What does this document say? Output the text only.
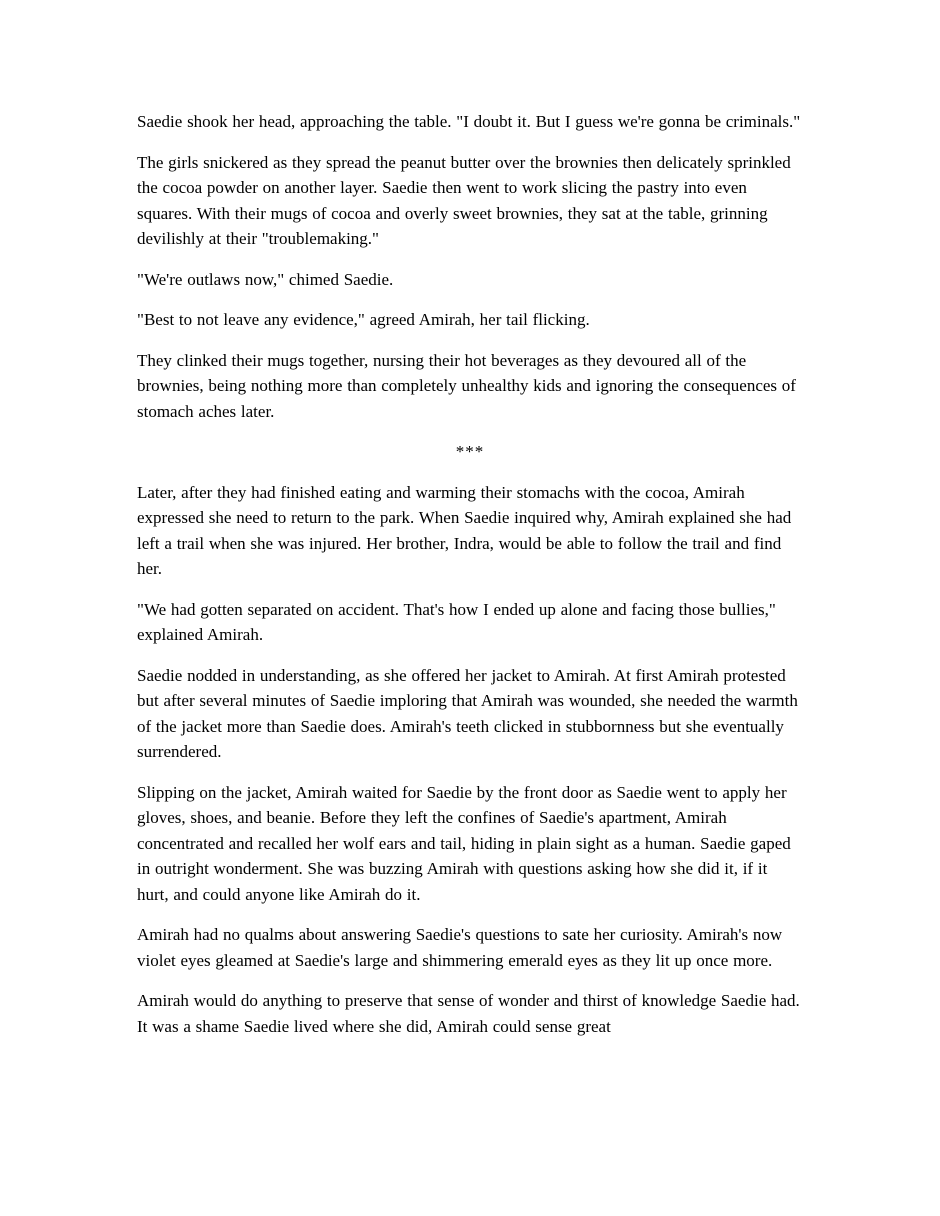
Saedie shook her head, approaching the table. "I doubt it. But I guess we're gonna be criminals."

The girls snickered as they spread the peanut butter over the brownies then delicately sprinkled the cocoa powder on another layer. Saedie then went to work slicing the pastry into even squares. With their mugs of cocoa and overly sweet brownies, they sat at the table, grinning devilishly at their "troublemaking."

"We're outlaws now," chimed Saedie.

"Best to not leave any evidence," agreed Amirah, her tail flicking.

They clinked their mugs together, nursing their hot beverages as they devoured all of the brownies, being nothing more than completely unhealthy kids and ignoring the consequences of stomach aches later.

***

Later, after they had finished eating and warming their stomachs with the cocoa, Amirah expressed she need to return to the park. When Saedie inquired why, Amirah explained she had left a trail when she was injured. Her brother, Indra, would be able to follow the trail and find her.

"We had gotten separated on accident. That's how I ended up alone and facing those bullies," explained Amirah.

Saedie nodded in understanding, as she offered her jacket to Amirah. At first Amirah protested but after several minutes of Saedie imploring that Amirah was wounded, she needed the warmth of the jacket more than Saedie does. Amirah's teeth clicked in stubbornness but she eventually surrendered.

Slipping on the jacket, Amirah waited for Saedie by the front door as Saedie went to apply her gloves, shoes, and beanie. Before they left the confines of Saedie's apartment, Amirah concentrated and recalled her wolf ears and tail, hiding in plain sight as a human. Saedie gaped in outright wonderment. She was buzzing Amirah with questions asking how she did it, if it hurt, and could anyone like Amirah do it.

Amirah had no qualms about answering Saedie's questions to sate her curiosity. Amirah's now violet eyes gleamed at Saedie's large and shimmering emerald eyes as they lit up once more.

Amirah would do anything to preserve that sense of wonder and thirst of knowledge Saedie had. It was a shame Saedie lived where she did, Amirah could sense great
